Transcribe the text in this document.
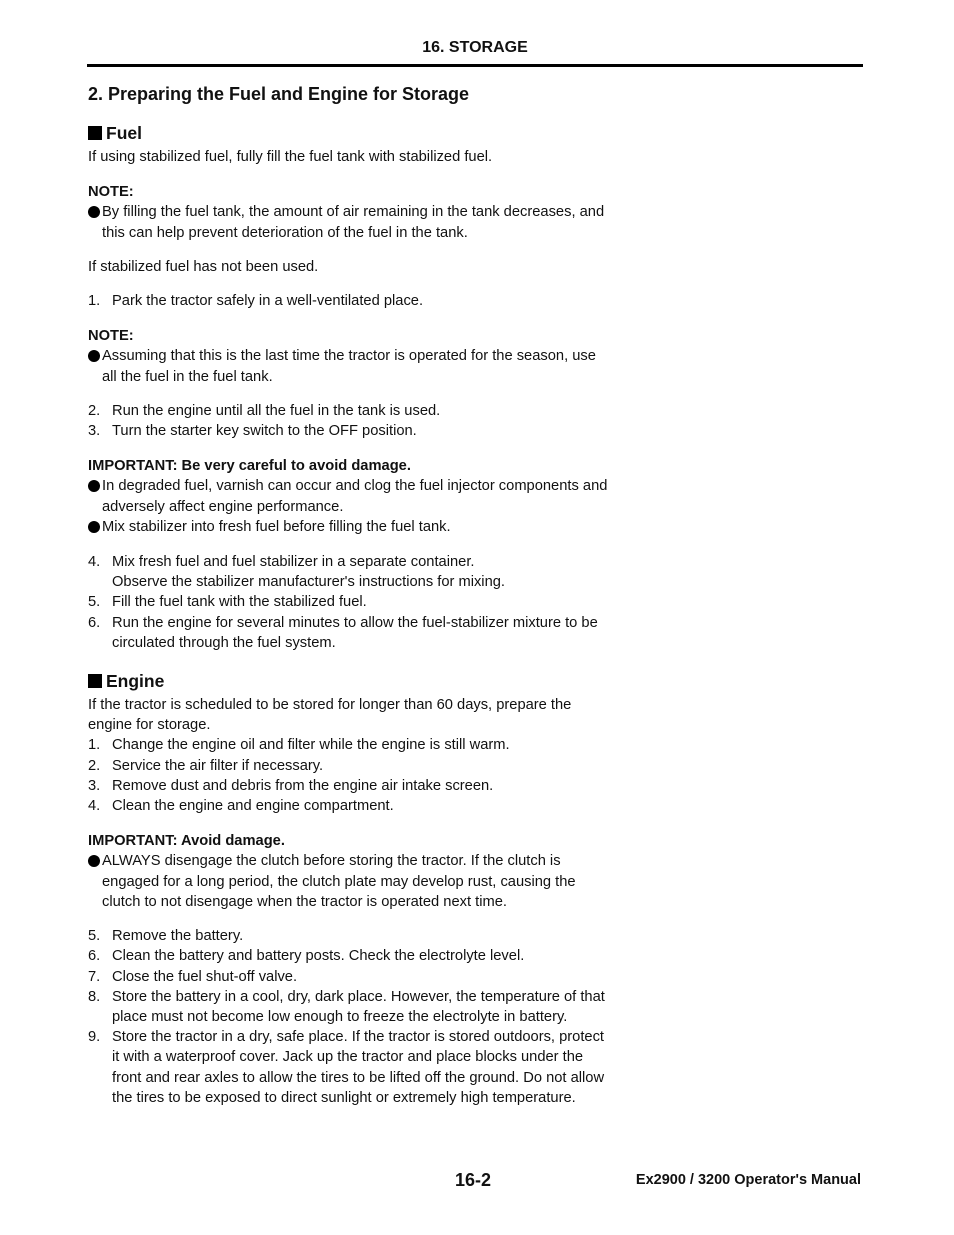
16. STORAGE
2. Preparing the Fuel and Engine for Storage
Fuel

If using stabilized fuel, fully fill the fuel tank with stabilized fuel.

NOTE:

By filling the fuel tank, the amount of air remaining in the tank decreases, and this can help prevent deterioration of the fuel in the tank.

If stabilized fuel has not been used.

1. Park the tractor safely in a well-ventilated place.

NOTE:

Assuming that this is the last time the tractor is operated for the season, use all the fuel in the fuel tank.
2. Run the engine until all the fuel in the tank is used.
3. Turn the starter key switch to the OFF position.

IMPORTANT: Be very careful to avoid damage.

In degraded fuel, varnish can occur and clog the fuel injector components and adversely affect engine performance.
Mix stabilizer into fresh fuel before filling the fuel tank.
4. Mix fresh fuel and fuel stabilizer in a separate container.
Observe the stabilizer manufacturer's instructions for mixing.
5. Fill the fuel tank with the stabilized fuel.
6. Run the engine for several minutes to allow the fuel-stabilizer mixture to be circulated through the fuel system.
Engine

If the tractor is scheduled to be stored for longer than 60 days, prepare the engine for storage.

1. Change the engine oil and filter while the engine is still warm.
2. Service the air filter if necessary.
3. Remove dust and debris from the engine air intake screen.
4. Clean the engine and engine compartment.

IMPORTANT: Avoid damage.

ALWAYS disengage the clutch before storing the tractor. If the clutch is engaged for a long period, the clutch plate may develop rust, causing the clutch to not disengage when the tractor is operated next time.
5. Remove the battery.
6. Clean the battery and battery posts. Check the electrolyte level.
7. Close the fuel shut-off valve.
8. Store the battery in a cool, dry, dark place. However, the temperature of that place must not become low enough to freeze the electrolyte in battery.
9. Store the tractor in a dry, safe place. If the tractor is stored outdoors, protect it with a waterproof cover. Jack up the tractor and place blocks under the front and rear axles to allow the tires to be lifted off the ground. Do not allow the tires to be exposed to direct sunlight or extremely high temperature.
16-2	Ex2900 / 3200 Operator's Manual
